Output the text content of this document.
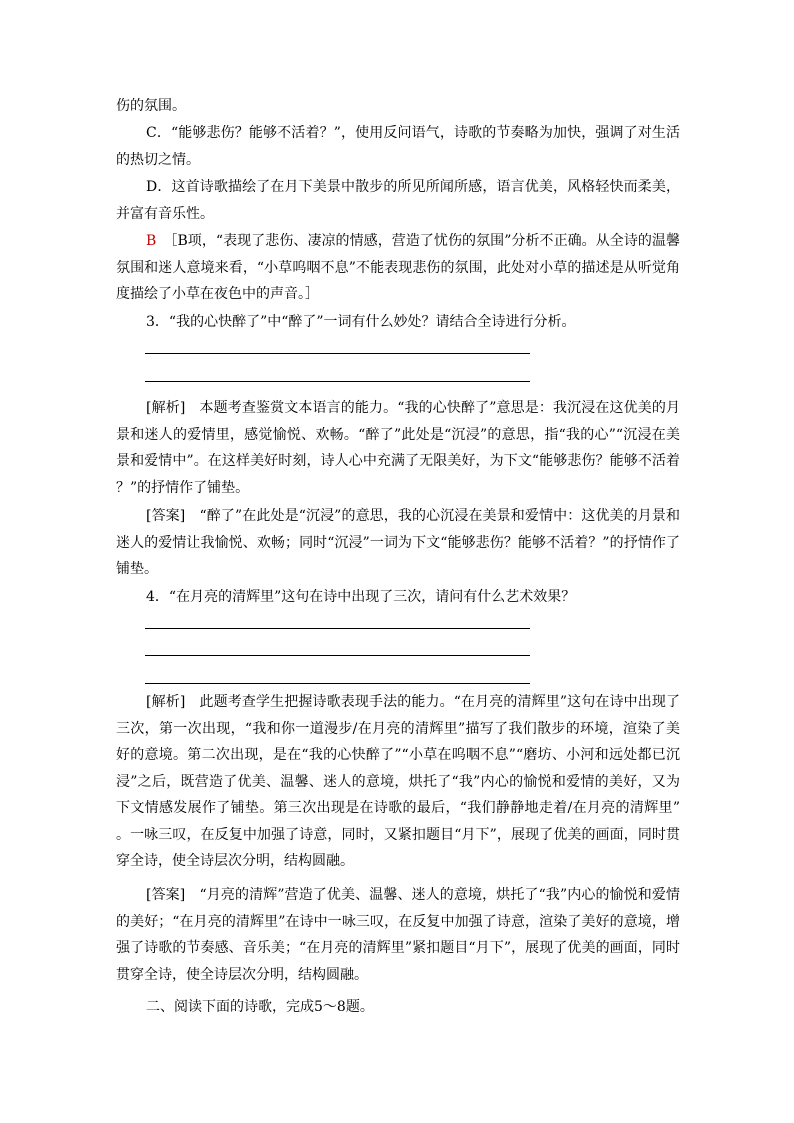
伤的氛围。

C．“能够悲伤？能够不活着？”，使用反问语气，诗歌的节奏略为加快，强调了对生活的热切之情。

D．这首诗歌描绘了在月下美景中散步的所见所闻所感，语言优美，风格轻快而柔美，并富有音乐性。

B　 ［B项，“表现了悲伤、凄凉的情感，营造了忧伤的氛围”分析不正确。从全诗的温馨氛围和迷人意境来看，“小草呜咽不息”不能表现悲伤的氛围，此处对小草的描述是从听觉角度描绘了小草在夜色中的声音。］

3．“我的心快醉了”中“醉了”一词有什么妙处？请结合全诗进行分析。

[解析]　 本题考查鉴赏文本语言的能力。“我的心快醉了”意思是：我沉浸在这优美的月景和迷人的爱情里，感觉愉悦、欢畅。“醉了”此处是“沉浸”的意思，指“我的心”“沉浸在美景和爱情中”。在这样美好时刻，诗人心中充满了无限美好，为下文“能够悲伤？能够不活着？”的抒情作了铺垫。

[答案]　 “醉了”在此处是“沉浸”的意思，我的心沉浸在美景和爱情中：这优美的月景和迷人的爱情让我愉悦、欢畅；同时“沉浸”一词为下文“能够悲伤？能够不活着？”的抒情作了铺垫。

4．“在月亮的清辉里”这句在诗中出现了三次，请问有什么艺术效果？

[解析]　 此题考查学生把握诗歌表现手法的能力。“在月亮的清辉里”这句在诗中出现了三次，第一次出现，“我和你一道漫步/在月亮的清辉里”描写了我们散步的环境，渲染了美好的意境。第二次出现，是在“我的心快醉了”“小草在呜咽不息”“磨坊、小河和远处都已沉浸”之后，既营造了优美、温馨、迷人的意境，烘托了“我”内心的愉悦和爱情的美好，又为下文情感发展作了铺垫。第三次出现是在诗歌的最后，“我们静静地走着/在月亮的清辉里”。一咏三叹，在反复中加强了诗意，同时，又紧扣题目“月下”，展现了优美的画面，同时贯穿全诗，使全诗层次分明，结构圆融。

[答案]　 “月亮的清辉”营造了优美、温馨、迷人的意境，烘托了“我”内心的愉悦和爱情的美好；“在月亮的清辉里”在诗中一咏三叹，在反复中加强了诗意，渲染了美好的意境，增强了诗歌的节奏感、音乐美；“在月亮的清辉里”紧扣题目“月下”，展现了优美的画面，同时贯穿全诗，使全诗层次分明，结构圆融。

二、阅读下面的诗歌，完成5～8题。
